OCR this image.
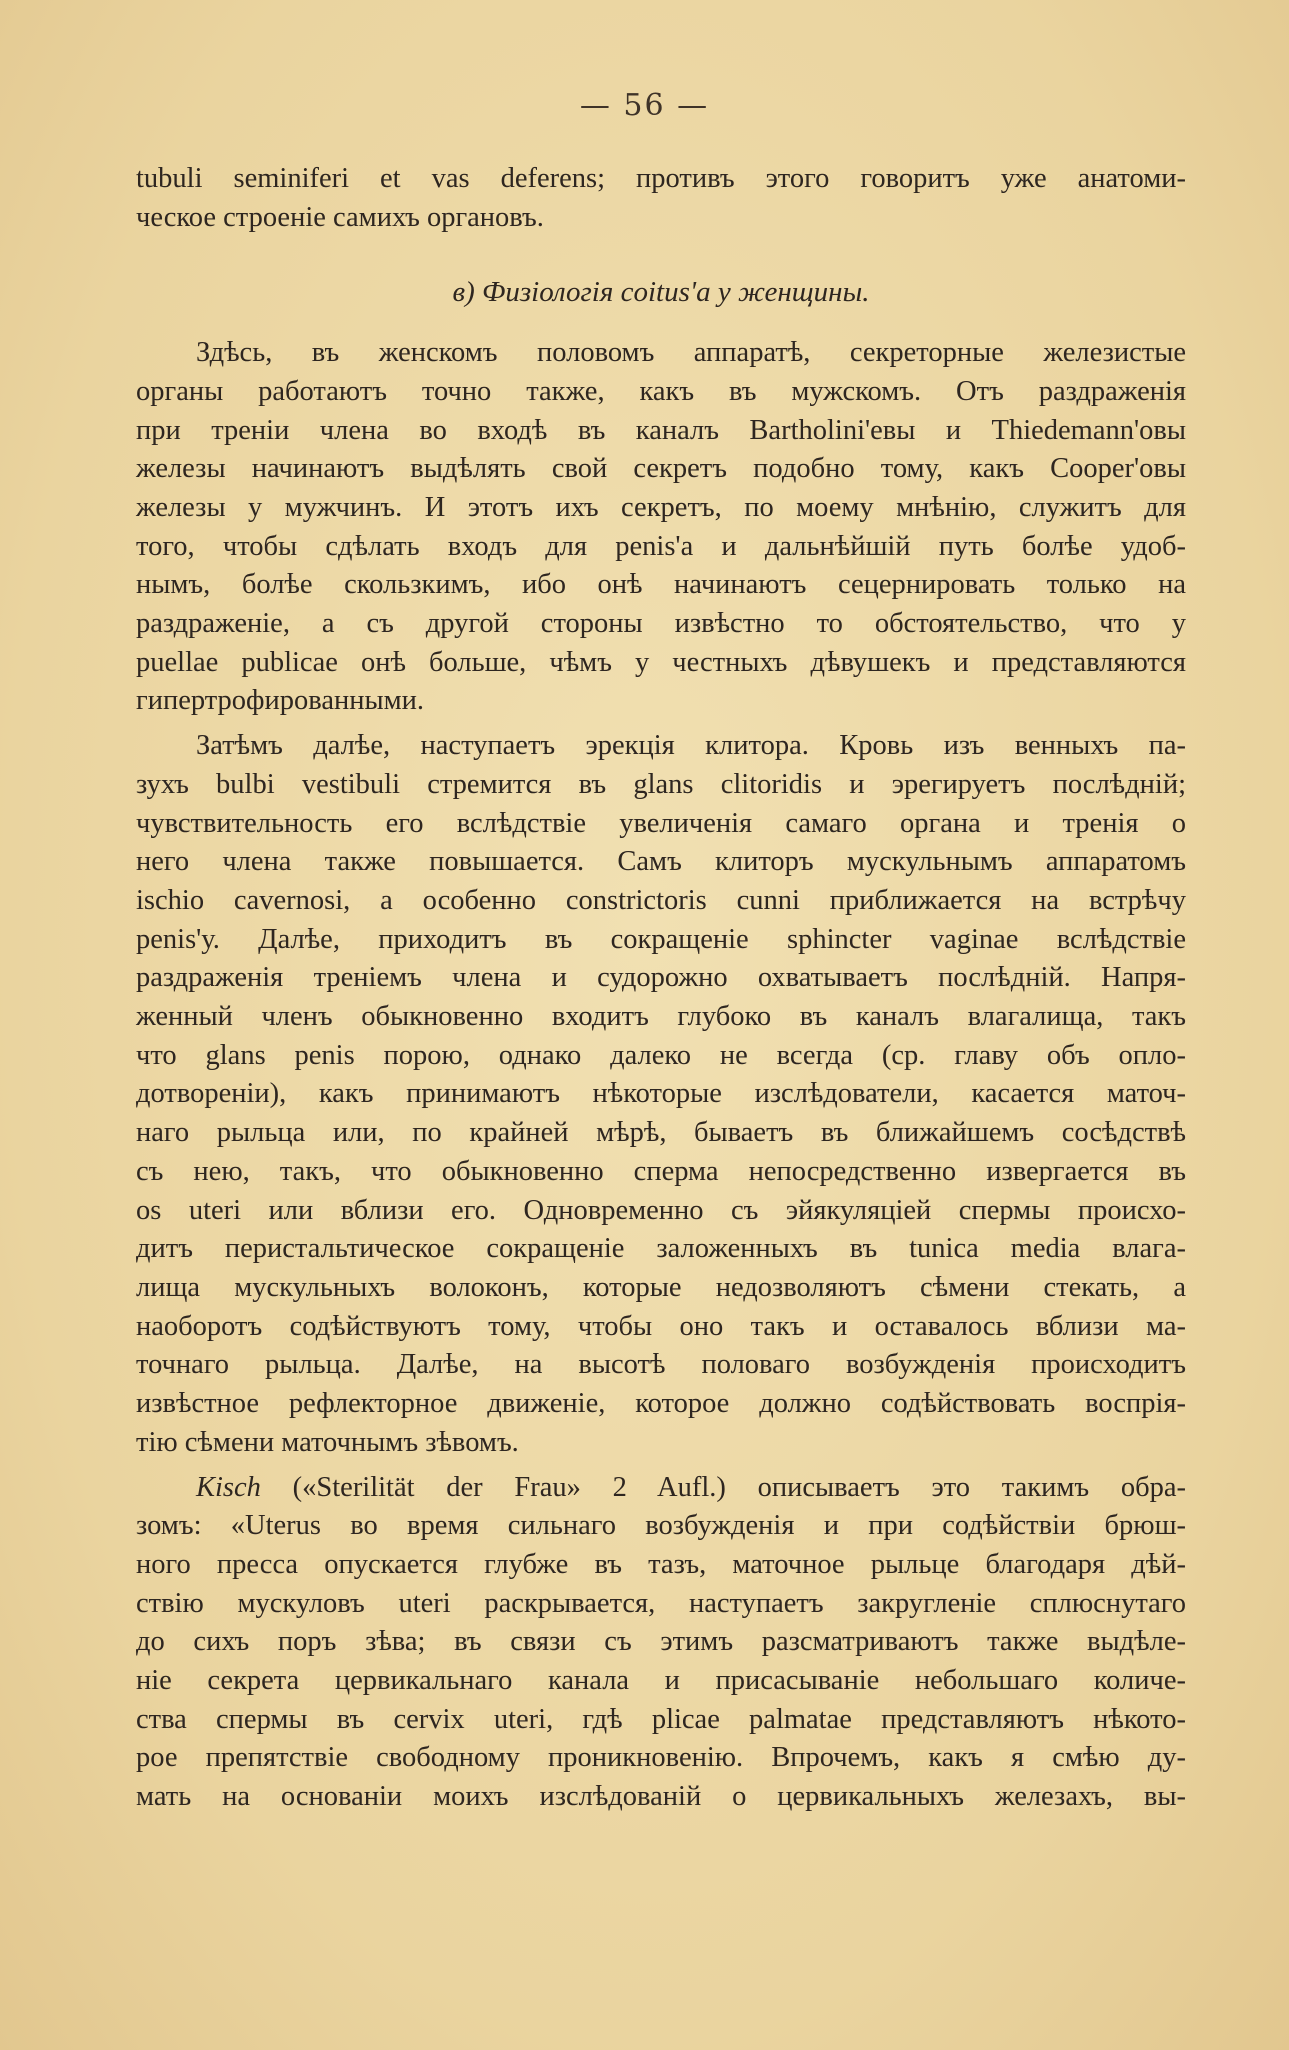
— 56 —
tubuli seminiferi et vas deferens; противъ этого говоритъ уже анатоми-
ческое строеніе самихъ органовъ.
в) Физіологія coitus'а у женщины.
Здѣсь, въ женскомъ половомъ аппаратѣ, секреторные железистые
органы работаютъ точно также, какъ въ мужскомъ. Отъ раздраженія
при треніи члена во входѣ въ каналъ Bartholini'евы и Thiedemann'овы
железы начинаютъ выдѣлять свой секретъ подобно тому, какъ Cooper'овы
железы у мужчинъ. И этотъ ихъ секретъ, по моему мнѣнію, служитъ для
того, чтобы сдѣлать входъ для penis'а и дальнѣйшій путь болѣе удоб-
нымъ, болѣе скользкимъ, ибо онѣ начинаютъ сецернировать только на
раздраженіе, а съ другой стороны извѣстно то обстоятельство, что у
puellae publicae онѣ больше, чѣмъ у честныхъ дѣвушекъ и представляются
гипертрофированными.
Затѣмъ далѣе, наступаетъ эрекція клитора. Кровь изъ венныхъ па-
зухъ bulbi vestibuli стремится въ glans clitoridis и эрегируетъ послѣдній;
чувствительность его вслѣдствіе увеличенія самаго органа и тренія о
него члена также повышается. Самъ клиторъ мускульнымъ аппаратомъ
ischio cavernosi, а особенно constrictoris cunni приближается на встрѣчу
penis'у. Далѣе, приходитъ въ сокращеніе sphincter vaginae вслѣдствіе
раздраженія треніемъ члена и судорожно охватываетъ послѣдній. Напря-
женный членъ обыкновенно входитъ глубоко въ каналъ влагалища, такъ
что glans penis порою, однако далеко не всегда (ср. главу объ опло-
дотвореніи), какъ принимаютъ нѣкоторые изслѣдователи, касается маточ-
наго рыльца или, по крайней мѣрѣ, бываетъ въ ближайшемъ сосѣдствѣ
съ нею, такъ, что обыкновенно сперма непосредственно извергается въ
os uteri или вблизи его. Одновременно съ эйякуляціей спермы происхо-
дитъ перистальтическое сокращеніе заложенныхъ въ tunica media влага-
лища мускульныхъ волоконъ, которые недозволяютъ сѣмени стекать, а
наоборотъ содѣйствуютъ тому, чтобы оно такъ и оставалось вблизи ма-
точнаго рыльца. Далѣе, на высотѣ половаго возбужденія происходитъ
извѣстное рефлекторное движеніе, которое должно содѣйствовать воспрія-
тію сѣмени маточнымъ зѣвомъ.
Kisch («Sterilität der Frau» 2 Aufl.) описываетъ это такимъ обра-
зомъ: «Uterus во время сильнаго возбужденія и при содѣйствіи брюш-
ного пресса опускается глубже въ тазъ, маточное рыльце благодаря дѣй-
ствію мускуловъ uteri раскрывается, наступаетъ закругленіе сплюснутаго
до сихъ поръ зѣва; въ связи съ этимъ разсматриваютъ также выдѣле-
ніе секрета цервикальнаго канала и присасываніе небольшаго количе-
ства спермы въ cervix uteri, гдѣ plicae palmatae представляютъ нѣкото-
рое препятствіе свободному проникновенію. Впрочемъ, какъ я смѣю ду-
мать на основаніи моихъ изслѣдованій о цервикальныхъ железахъ, вы-
